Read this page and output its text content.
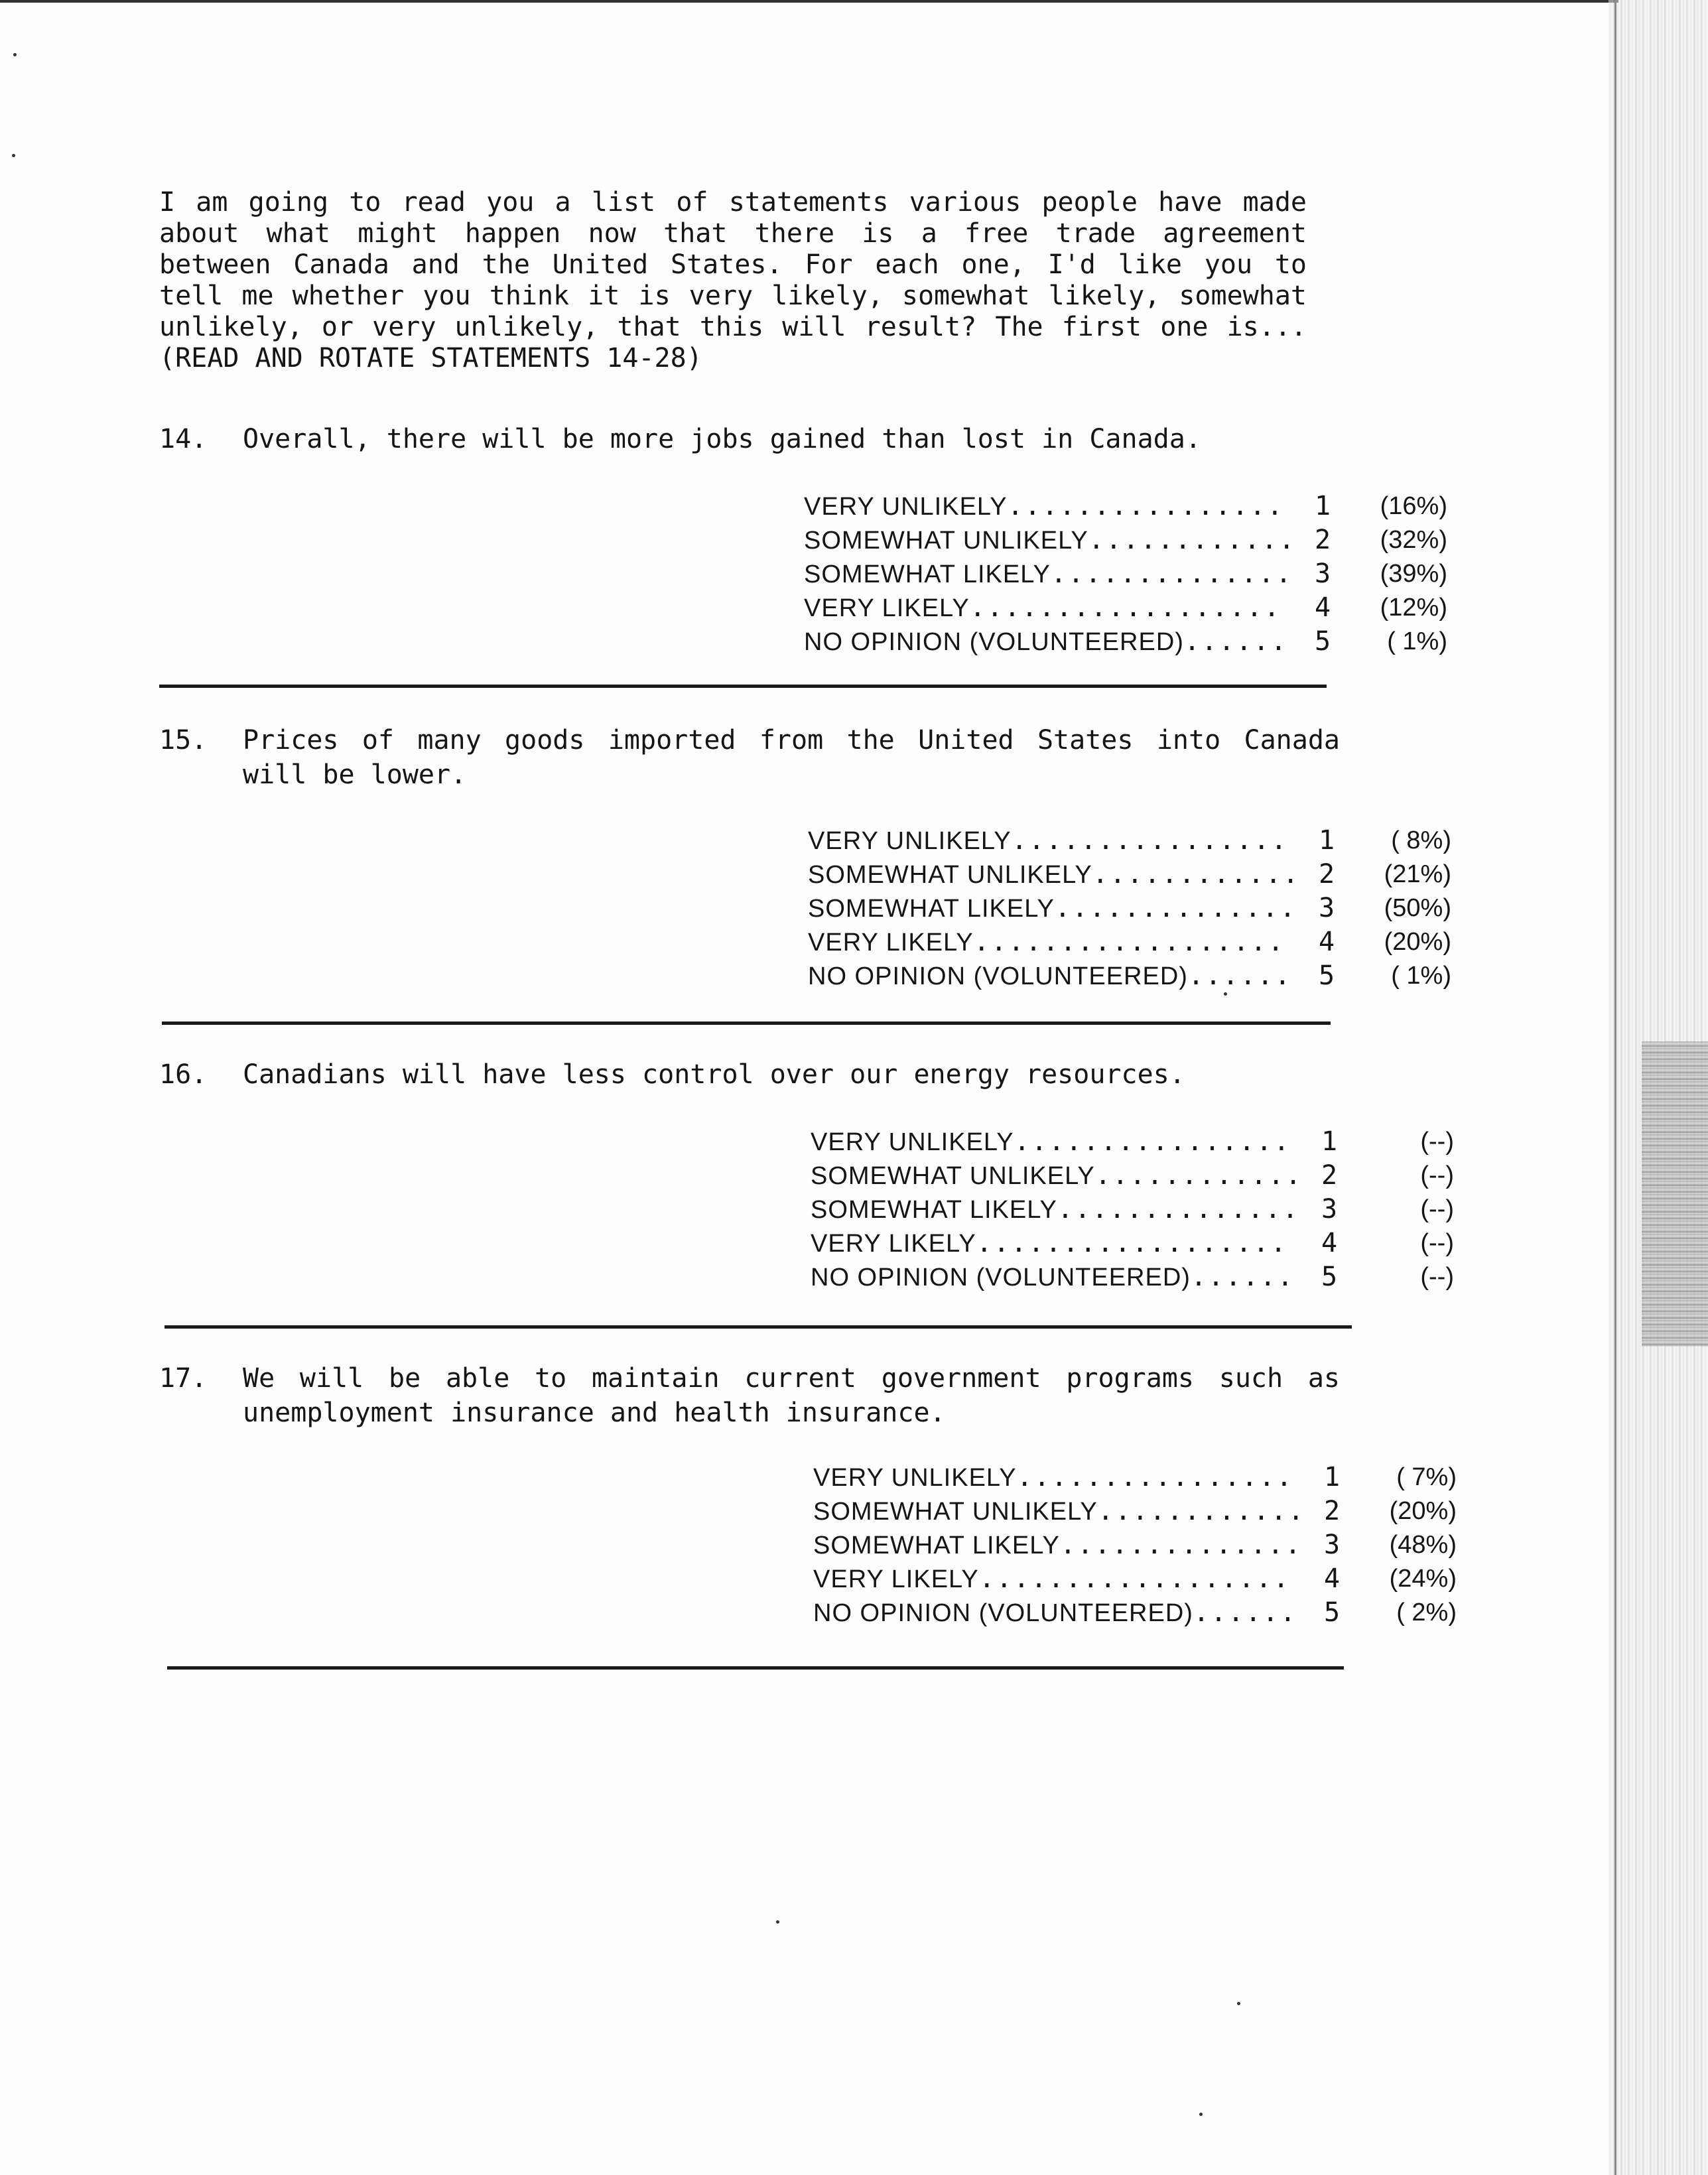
I am going to read you a list of statements various people have made about what might happen now that there is a free trade agreement between Canada and the United States. For each one, I'd like you to tell me whether you think it is very likely, somewhat likely, somewhat unlikely, or very unlikely, that this will result? The first one is...(READ AND ROTATE STATEMENTS 14-28)

14.	Overall, there will be more jobs gained than lost in Canada.
VERY UNLIKELY................	1	(16%)
SOMEWHAT UNLIKELY............ 2	(32%)
SOMEWHAT LIKELY.............. 3	(39%)
VERY LIKELY..................	4	(12%)
NO OPINION (VOLUNTEERED)......	5	( 1%)
15.	Prices of many goods imported from the United States into Canada will be lower.
VERY UNLIKELY................	1	( 8%)
SOMEWHAT UNLIKELY............ 2	(21%)
SOMEWHAT LIKELY.............. 3	(50%)
VERY LIKELY..................	4	(20%)
NO OPINION (VOLUNTEERED)......	5	( 1%)
16.	Canadians will have less control over our energy resources.
VERY UNLIKELY................	1	(--)
SOMEWHAT UNLIKELY............ 2	(--)
SOMEWHAT LIKELY.............. 3	(--)
VERY LIKELY..................	4	(--)
NO OPINION (VOLUNTEERED)......	5	(--)
17.	We will be able to maintain current government programs such as unemployment insurance and health insurance.
VERY UNLIKELY................	1	( 7%)
SOMEWHAT UNLIKELY............ 2	(20%)
SOMEWHAT LIKELY.............. 3	(48%)
VERY LIKELY..................	4	(24%)
NO OPINION (VOLUNTEERED)......	5	( 2%)
